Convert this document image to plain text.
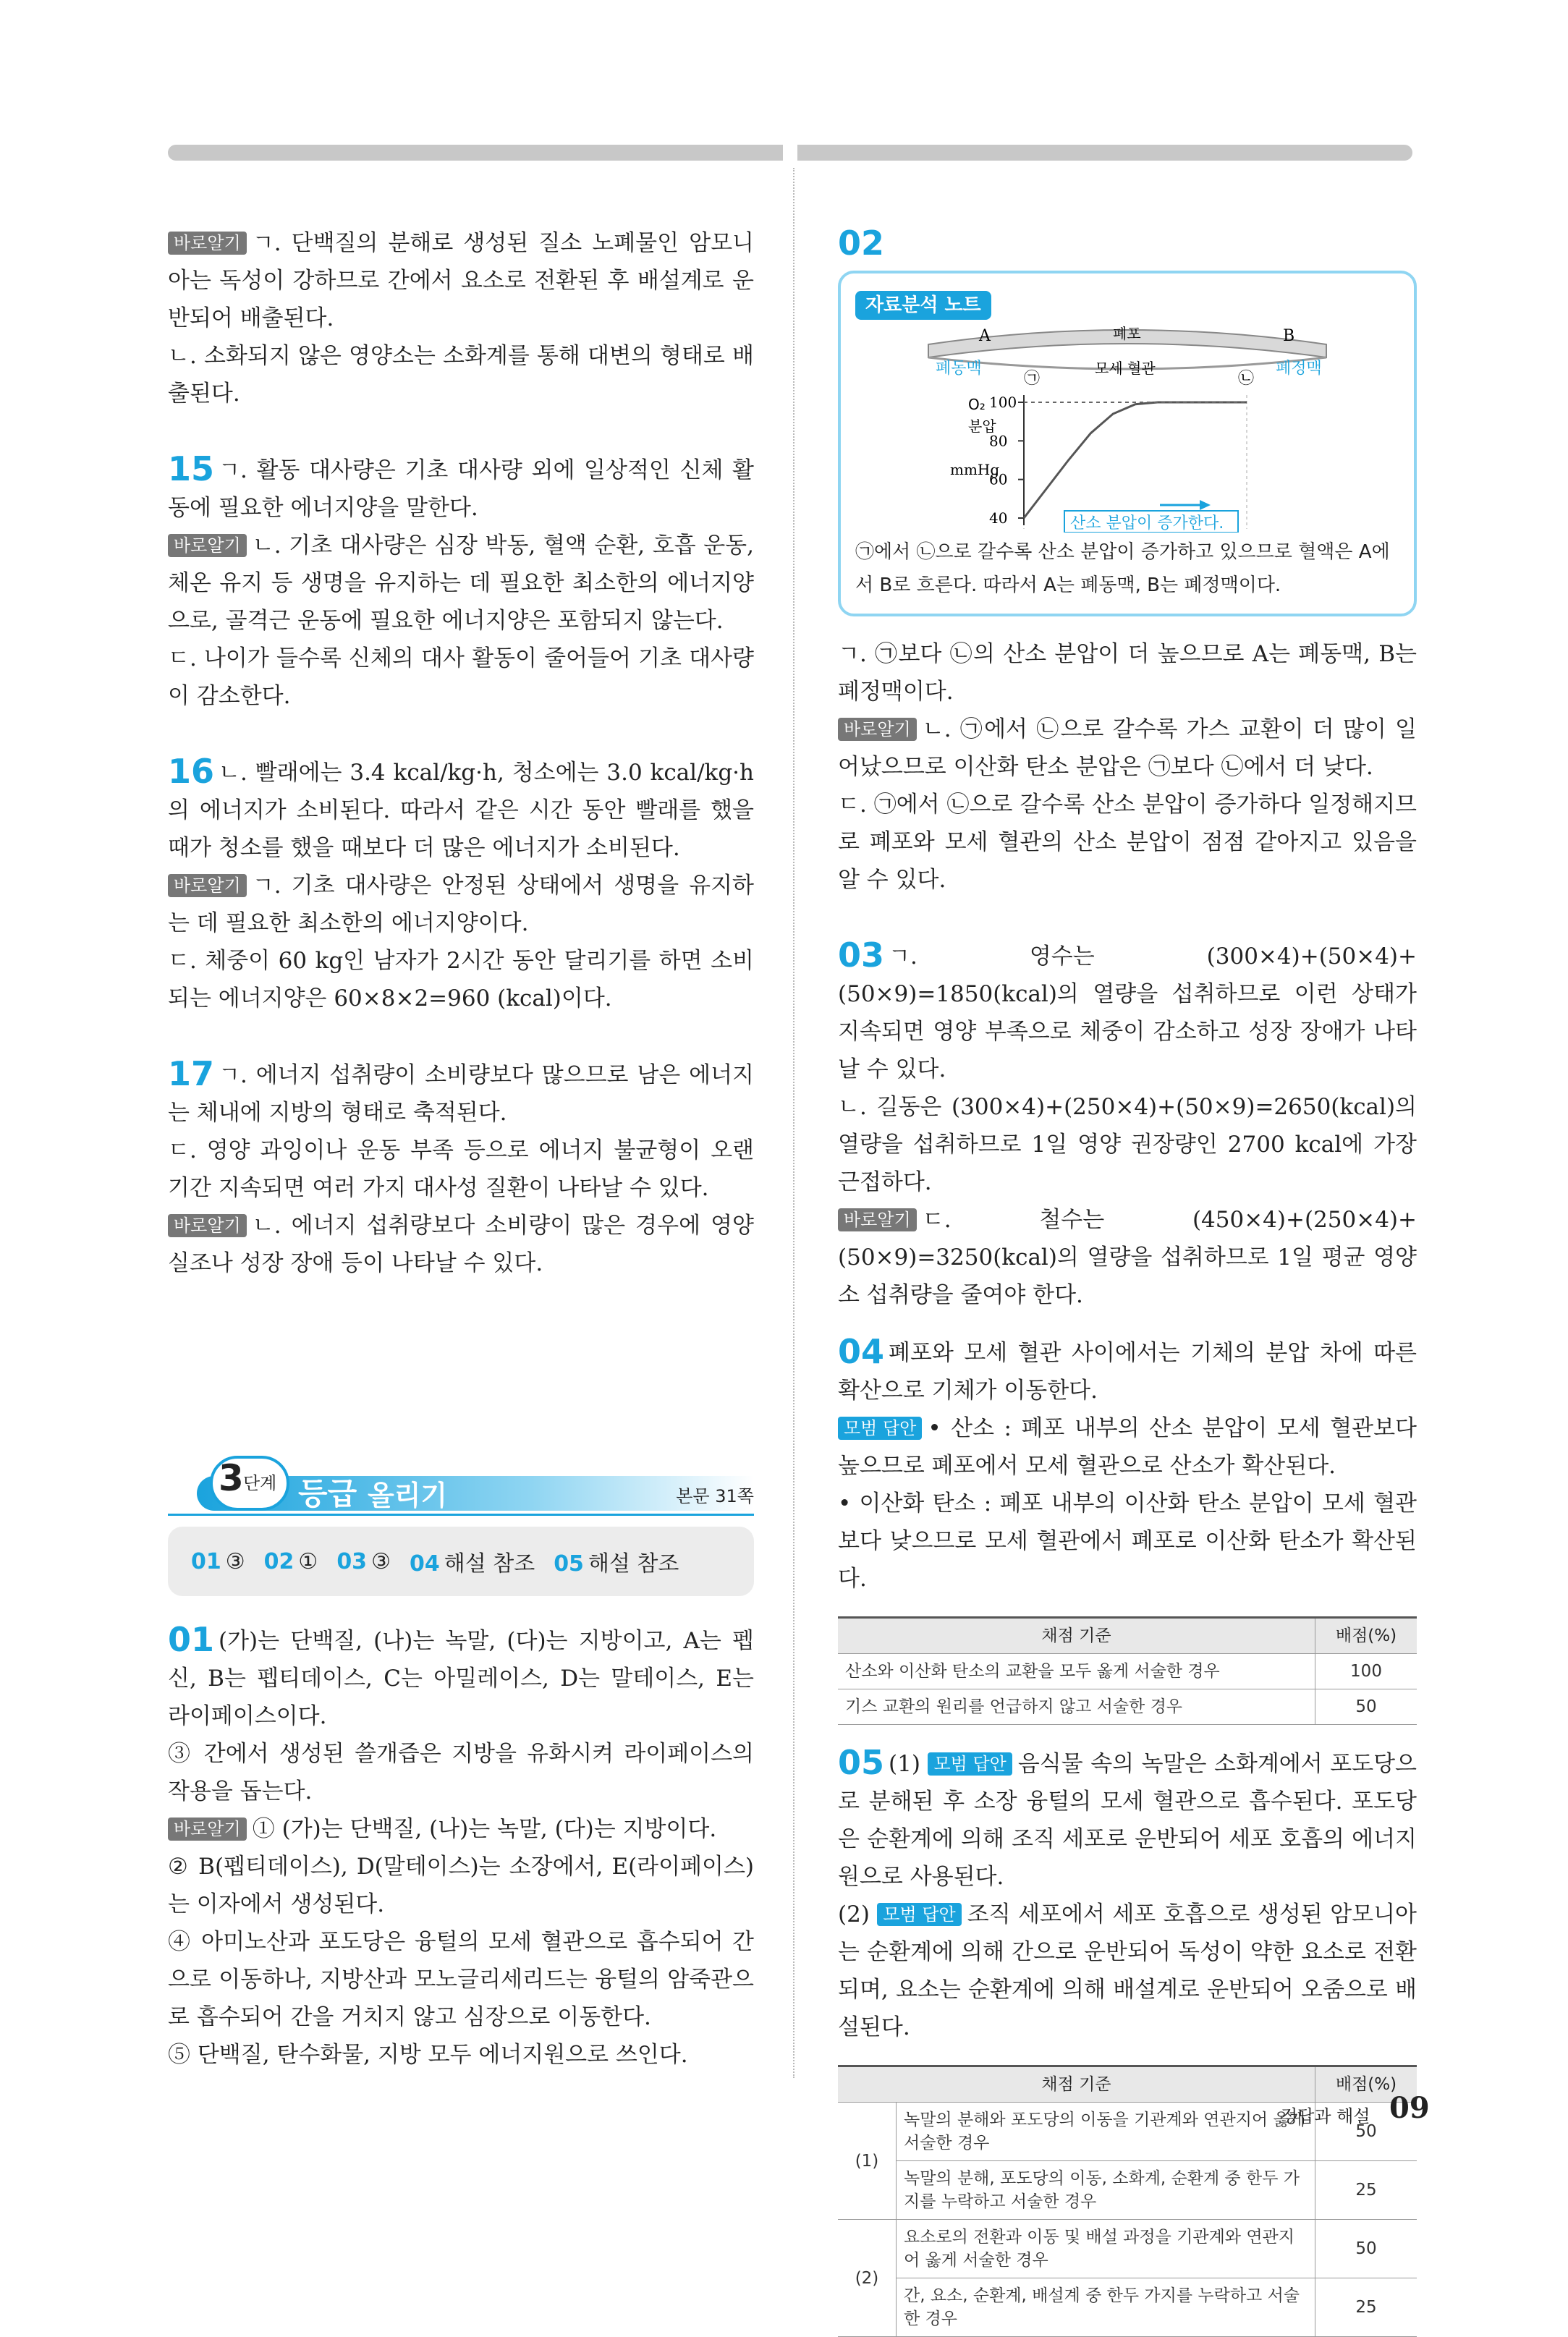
바로알기 ㄱ. 단백질의 분해로 생성된 질소 노폐물인 암모니아는 독성이 강하므로 간에서 요소로 전환된 후 배설계로 운반되어 배출된다.

ㄴ. 소화되지 않은 영양소는 소화계를 통해 대변의 형태로 배출된다.

15 ㄱ. 활동 대사량은 기초 대사량 외에 일상적인 신체 활동에 필요한 에너지양을 말한다.

바로알기 ㄴ. 기초 대사량은 심장 박동, 혈액 순환, 호흡 운동, 체온 유지 등 생명을 유지하는 데 필요한 최소한의 에너지양으로, 골격근 운동에 필요한 에너지양은 포함되지 않는다.

ㄷ. 나이가 들수록 신체의 대사 활동이 줄어들어 기초 대사량이 감소한다.

16 ㄴ. 빨래에는 3.4 kcal/kg·h, 청소에는 3.0 kcal/kg·h의 에너지가 소비된다. 따라서 같은 시간 동안 빨래를 했을 때가 청소를 했을 때보다 더 많은 에너지가 소비된다.

바로알기 ㄱ. 기초 대사량은 안정된 상태에서 생명을 유지하는 데 필요한 최소한의 에너지양이다.

ㄷ. 체중이 60 kg인 남자가 2시간 동안 달리기를 하면 소비되는 에너지양은 60×8×2=960 (kcal)이다.

17 ㄱ. 에너지 섭취량이 소비량보다 많으므로 남은 에너지는 체내에 지방의 형태로 축적된다.

ㄷ. 영양 과잉이나 운동 부족 등으로 에너지 불균형이 오랜 기간 지속되면 여러 가지 대사성 질환이 나타날 수 있다.

바로알기 ㄴ. 에너지 섭취량보다 소비량이 많은 경우에 영양실조나 성장 장애 등이 나타날 수 있다.

3 단계 등급 올리기	본문 31쪽
01 ③ 02 ① 03 ③ 04 해설 참조 05 해설 참조

01 (가)는 단백질, (나)는 녹말, (다)는 지방이고, A는 펩신, B는 펩티데이스, C는 아밀레이스, D는 말테이스, E는 라이페이스이다.

③ 간에서 생성된 쓸개즙은 지방을 유화시켜 라이페이스의 작용을 돕는다.

바로알기 ① (가)는 단백질, (나)는 녹말, (다)는 지방이다.

② B(펩티데이스), D(말테이스)는 소장에서, E(라이페이스)는 이자에서 생성된다.

④ 아미노산과 포도당은 융털의 모세 혈관으로 흡수되어 간으로 이동하나, 지방산과 모노글리세리드는 융털의 암죽관으로 흡수되어 간을 거치지 않고 심장으로 이동한다.

⑤ 단백질, 탄수화물, 지방 모두 에너지원으로 쓰인다.

02
자료분석 노트
A	B
폐포
모세 혈관
폐동맥	폐정맥
㉠	㉡
O₂
분압
mmHg
40
60
80
100
산소 분압이 증가한다.

㉠에서 ㉡으로 갈수록 산소 분압이 증가하고 있으므로 혈액은 A에서 B로 흐른다. 따라서 A는 폐동맥, B는 폐정맥이다.

ㄱ. ㉠보다 ㉡의 산소 분압이 더 높으므로 A는 폐동맥, B는 폐정맥이다.

바로알기 ㄴ. ㉠에서 ㉡으로 갈수록 가스 교환이 더 많이 일어났으므로 이산화 탄소 분압은 ㉠보다 ㉡에서 더 낮다.

ㄷ. ㉠에서 ㉡으로 갈수록 산소 분압이 증가하다 일정해지므로 폐포와 모세 혈관의 산소 분압이 점점 같아지고 있음을 알 수 있다.

03 ㄱ. 영수는 (300×4)+(50×4)+(50×9)=1850(kcal)의 열량을 섭취하므로 이런 상태가 지속되면 영양 부족으로 체중이 감소하고 성장 장애가 나타날 수 있다.

ㄴ. 길동은 (300×4)+(250×4)+(50×9)=2650(kcal)의 열량을 섭취하므로 1일 영양 권장량인 2700 kcal에 가장 근접하다.

바로알기 ㄷ. 철수는 (450×4)+(250×4)+(50×9)=3250(kcal)의 열량을 섭취하므로 1일 평균 영양소 섭취량을 줄여야 한다.

04 폐포와 모세 혈관 사이에서는 기체의 분압 차에 따른 확산으로 기체가 이동한다.

모범 답안 • 산소 : 폐포 내부의 산소 분압이 모세 혈관보다 높으므로 폐포에서 모세 혈관으로 산소가 확산된다.

• 이산화 탄소 : 폐포 내부의 이산화 탄소 분압이 모세 혈관보다 낮으므로 모세 혈관에서 폐포로 이산화 탄소가 확산된다.

채점 기준	배점(%)
산소와 이산화 탄소의 교환을 모두 옳게 서술한 경우	100
기스 교환의 원리를 언급하지 않고 서술한 경우	50

05 (1) 모범 답안 음식물 속의 녹말은 소화계에서 포도당으로 분해된 후 소장 융털의 모세 혈관으로 흡수된다. 포도당은 순환계에 의해 조직 세포로 운반되어 세포 호흡의 에너지원으로 사용된다.

(2) 모범 답안 조직 세포에서 세포 호흡으로 생성된 암모니아는 순환계에 의해 간으로 운반되어 독성이 약한 요소로 전환되며, 요소는 순환계에 의해 배설계로 운반되어 오줌으로 배설된다.

채점 기준		배점(%)
(1)	녹말의 분해와 포도당의 이동을 기관계와 연관지어 옳게 서술한 경우	50
	녹말의 분해, 포도당의 이동, 소화계, 순환계 중 한두 가지를 누락하고 서술한 경우	25
(2)	요소로의 전환과 이동 및 배설 과정을 기관계와 연관지어 옳게 서술한 경우	50
	간, 요소, 순환계, 배설계 중 한두 가지를 누락하고 서술한 경우	25
정답과 해설 09
